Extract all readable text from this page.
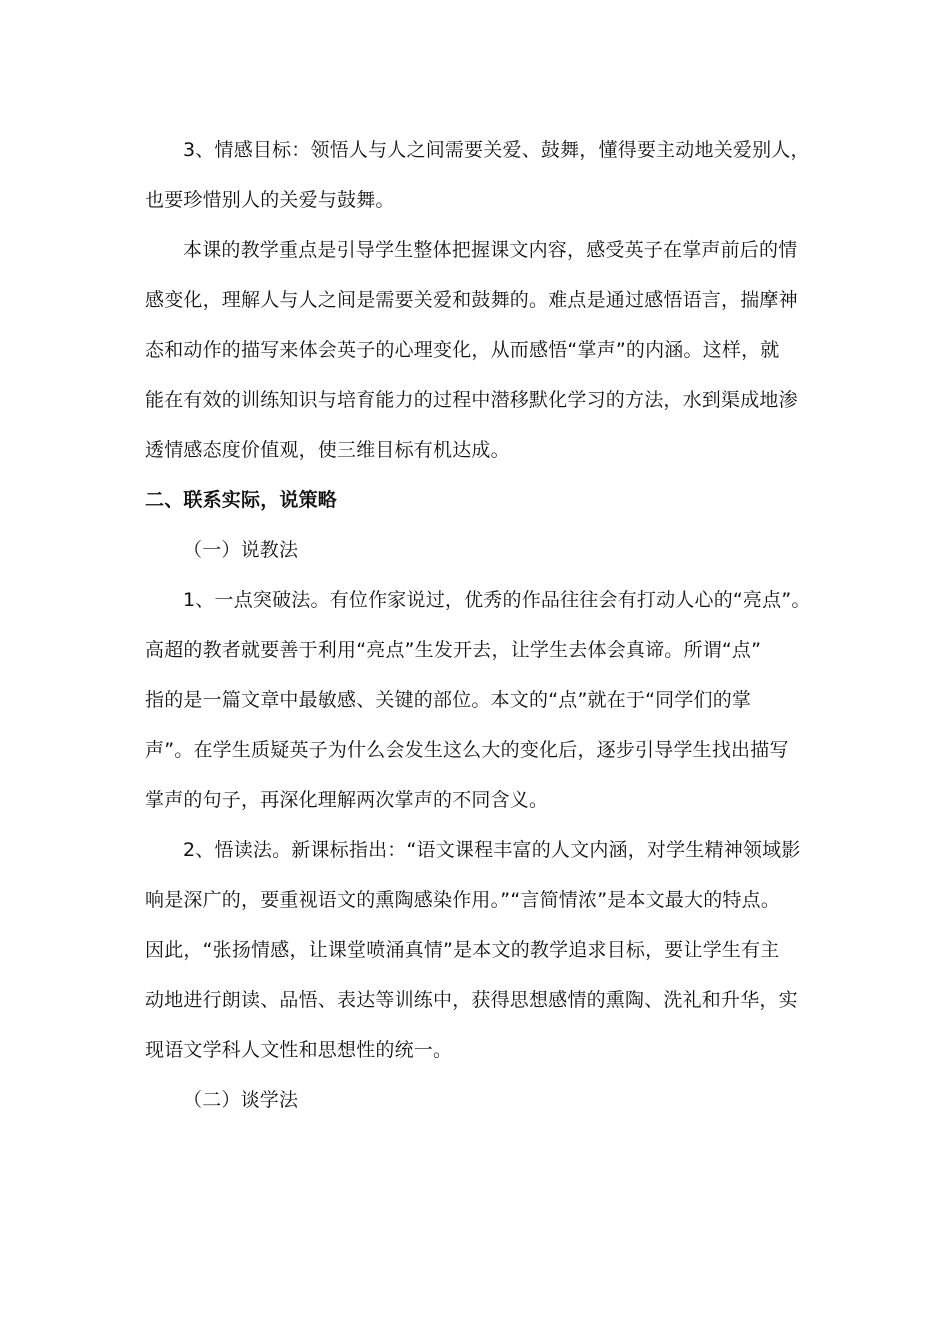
3、情感目标：领悟人与人之间需要关爱、鼓舞，懂得要主动地关爱别人，
也要珍惜别人的关爱与鼓舞。
本课的教学重点是引导学生整体把握课文内容，感受英子在掌声前后的情
感变化，理解人与人之间是需要关爱和鼓舞的。难点是通过感悟语言，揣摩神
态和动作的描写来体会英子的心理变化，从而感悟“掌声”的内涵。这样，就
能在有效的训练知识与培育能力的过程中潜移默化学习的方法，水到渠成地渗
透情感态度价值观，使三维目标有机达成。
二、联系实际，说策略
（一）说教法
1、一点突破法。有位作家说过，优秀的作品往往会有打动人心的“亮点”。
高超的教者就要善于利用“亮点”生发开去，让学生去体会真谛。所谓“点”
指的是一篇文章中最敏感、关键的部位。本文的“点”就在于“同学们的掌
声”。在学生质疑英子为什么会发生这么大的变化后，逐步引导学生找出描写
掌声的句子，再深化理解两次掌声的不同含义。
2、悟读法。新课标指出：“语文课程丰富的人文内涵，对学生精神领域影
响是深广的，要重视语文的熏陶感染作用。”“言简情浓”是本文最大的特点。
因此，“张扬情感，让课堂喷涌真情”是本文的教学追求目标，要让学生有主
动地进行朗读、品悟、表达等训练中，获得思想感情的熏陶、洗礼和升华，实
现语文学科人文性和思想性的统一。
（二）谈学法
